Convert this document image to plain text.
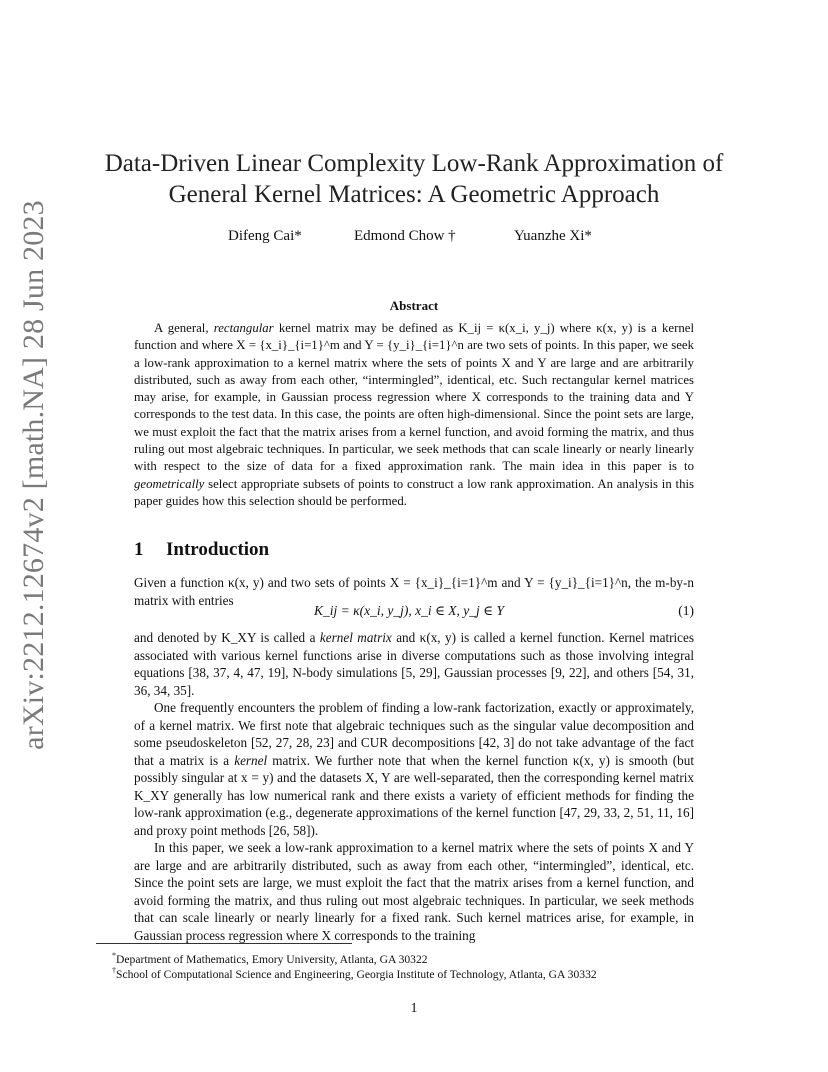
arXiv:2212.12674v2 [math.NA] 28 Jun 2023
Data-Driven Linear Complexity Low-Rank Approximation of
General Kernel Matrices: A Geometric Approach
Difeng Cai*	Edmond Chow †	Yuanzhe Xi*
Abstract

A general, rectangular kernel matrix may be defined as K_ij = κ(x_i, y_j) where κ(x, y) is a kernel function and where X = {x_i}_{i=1}^m and Y = {y_i}_{i=1}^n are two sets of points. In this paper, we seek a low-rank approximation to a kernel matrix where the sets of points X and Y are large and are arbitrarily distributed, such as away from each other, “intermingled”, identical, etc. Such rectangular kernel matrices may arise, for example, in Gaussian process regression where X corresponds to the training data and Y corresponds to the test data. In this case, the points are often high-dimensional. Since the point sets are large, we must exploit the fact that the matrix arises from a kernel function, and avoid forming the matrix, and thus ruling out most algebraic techniques. In particular, we seek methods that can scale linearly or nearly linearly with respect to the size of data for a fixed approximation rank. The main idea in this paper is to geometrically select appropriate subsets of points to construct a low rank approximation. An analysis in this paper guides how this selection should be performed.

1 Introduction

Given a function κ(x, y) and two sets of points X = {x_i}_{i=1}^m and Y = {y_i}_{i=1}^n, the m-by-n matrix with entries

K_ij = κ(x_i, y_j), x_i ∈ X, y_j ∈ Y	(1)

and denoted by K_XY is called a kernel matrix and κ(x, y) is called a kernel function. Kernel matrices associated with various kernel functions arise in diverse computations such as those involving integral equations [38, 37, 4, 47, 19], N-body simulations [5, 29], Gaussian processes [9, 22], and others [54, 31, 36, 34, 35].

One frequently encounters the problem of finding a low-rank factorization, exactly or approximately, of a kernel matrix. We first note that algebraic techniques such as the singular value decomposition and some pseudoskeleton [52, 27, 28, 23] and CUR decompositions [42, 3] do not take advantage of the fact that a matrix is a kernel matrix. We further note that when the kernel function κ(x, y) is smooth (but possibly singular at x = y) and the datasets X, Y are well-separated, then the corresponding kernel matrix K_XY generally has low numerical rank and there exists a variety of efficient methods for finding the low-rank approximation (e.g., degenerate approximations of the kernel function [47, 29, 33, 2, 51, 11, 16] and proxy point methods [26, 58]).

In this paper, we seek a low-rank approximation to a kernel matrix where the sets of points X and Y are large and are arbitrarily distributed, such as away from each other, “intermingled”, identical, etc. Since the point sets are large, we must exploit the fact that the matrix arises from a kernel function, and avoid forming the matrix, and thus ruling out most algebraic techniques. In particular, we seek methods that can scale linearly or nearly linearly for a fixed rank. Such kernel matrices arise, for example, in Gaussian process regression where X corresponds to the training

*Department of Mathematics, Emory University, Atlanta, GA 30322
†School of Computational Science and Engineering, Georgia Institute of Technology, Atlanta, GA 30332
1
